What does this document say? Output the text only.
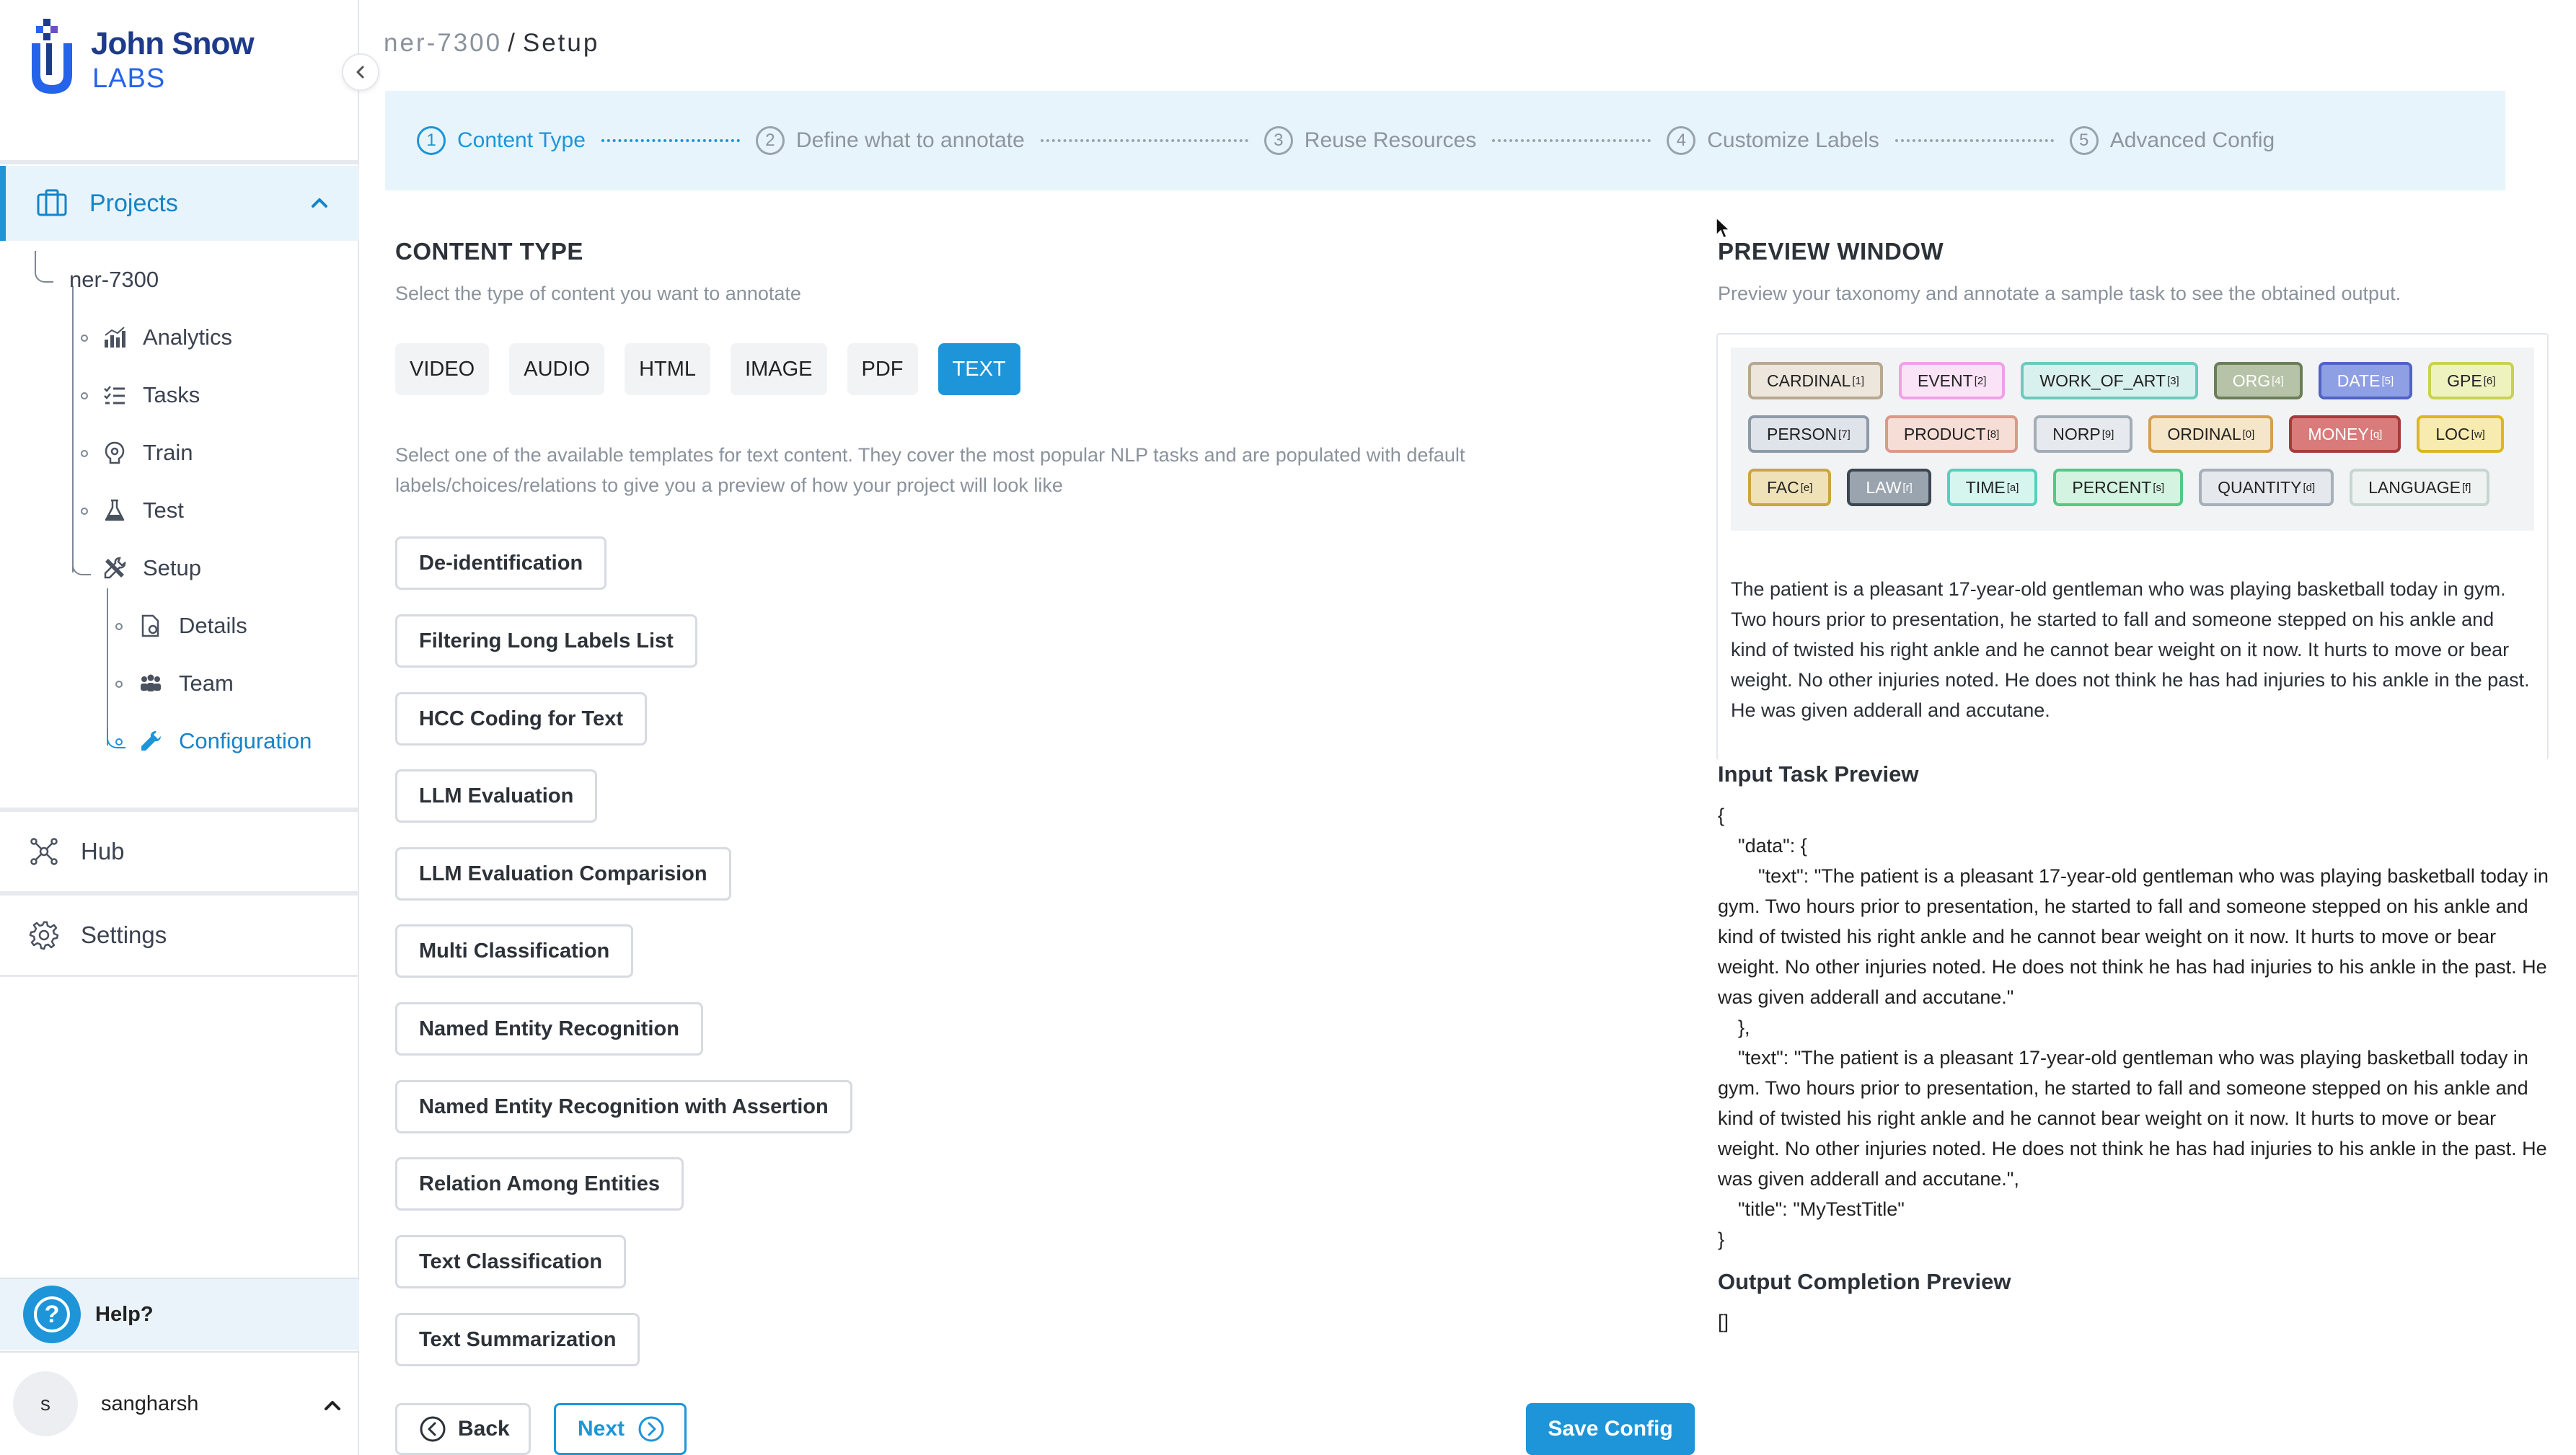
John Snow
LABS
Projects
ner-7300
Analytics
Tasks
Train
Test
Setup
Details
Team
Configuration
Hub
Settings
?	Help?
s	sangharsh
ner-7300 / Setup
1 Content Type	2 Define what to annotate	3 Reuse Resources	4 Customize Labels	5 Advanced Config
CONTENT TYPE
Select the type of content you want to annotate
VIDEO	AUDIO	HTML	IMAGE	PDF	TEXT
Select one of the available templates for text content. They cover the most popular NLP tasks and are populated with default labels/choices/relations to give you a preview of how your project will look like
De-identification
Filtering Long Labels List
HCC Coding for Text
LLM Evaluation
LLM Evaluation Comparision
Multi Classification
Named Entity Recognition
Named Entity Recognition with Assertion
Relation Among Entities
Text Classification
Text Summarization
Back	Next	Save Config
PREVIEW WINDOW
Preview your taxonomy and annotate a sample task to see the obtained output.
CARDINAL [1]	EVENT [2]	WORK_OF_ART [3]	ORG [4]	DATE [5]	GPE [6]
PERSON [7]	PRODUCT [8]	NORP [9]	ORDINAL [0]	MONEY [q]	LOC [w]
FAC [e]	LAW [r]	TIME [a]	PERCENT [s]	QUANTITY [d]	LANGUAGE [f]
The patient is a pleasant 17-year-old gentleman who was playing basketball today in gym. Two hours prior to presentation, he started to fall and someone stepped on his ankle and kind of twisted his right ankle and he cannot bear weight on it now. It hurts to move or bear weight. No other injuries noted. He does not think he has had injuries to his ankle in the past. He was given adderall and accutane.
Input Task Preview
{
"data": {
"text": "The patient is a pleasant 17-year-old gentleman who was playing basketball today in gym. Two hours prior to presentation, he started to fall and someone stepped on his ankle and kind of twisted his right ankle and he cannot bear weight on it now. It hurts to move or bear weight. No other injuries noted. He does not think he has had injuries to his ankle in the past. He was given adderall and accutane."
},
"text": "The patient is a pleasant 17-year-old gentleman who was playing basketball today in gym. Two hours prior to presentation, he started to fall and someone stepped on his ankle and kind of twisted his right ankle and he cannot bear weight on it now. It hurts to move or bear weight. No other injuries noted. He does not think he has had injuries to his ankle in the past. He was given adderall and accutane.",
"title": "MyTestTitle"
}
Output Completion Preview
[]
